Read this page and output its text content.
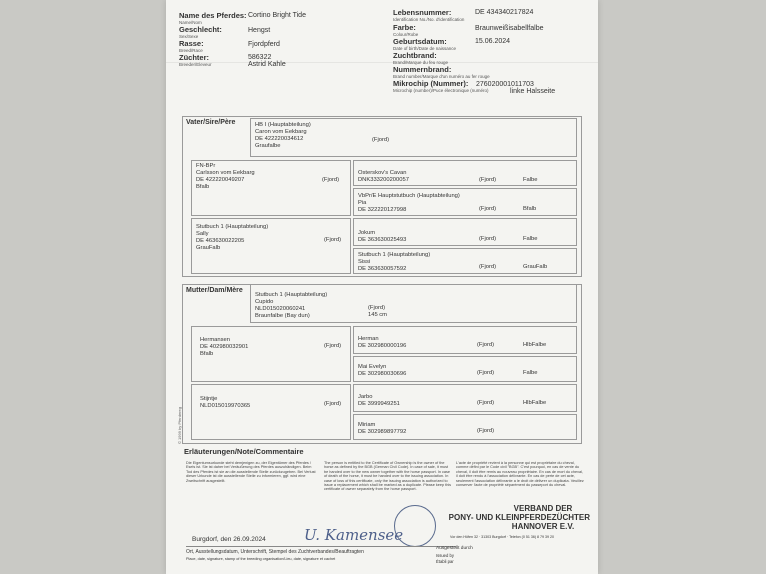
Name des Pferdes:
Name/Nom
Cortino Bright Tide
Geschlecht:
Sex/Sexe
Hengst
Rasse:
Breed/Race
Fjordpferd
Züchter:
Breeder/Eleveur
586322
Astrid Kahle
Lebensnummer:
Identification No./No. d'identification
DE 434340217824
Farbe:
Colour/Robe
Braunweißisabellfalbe
Geburtsdatum:
Date of birth/Date de naissance
15.06.2024
Zuchtbrand:
Brand/Marque du feu rouge
Nummernbrand:
Brand number/Marque d'un numéro au fer rouge
Mikrochip (Nummer):
Microchip (number)/Puce électronique (numéro)
276020001011703
linke Halsseite
Vater/Sire/Père	HB I (Hauptabteilung)
Caron vom Eekbarg
DE 422220034612	(Fjord)
Graufalbe
FN-BPr
Carlsson vom Eekbarg
DE 422220049207	(Fjord)
Bfalb
Osterskov's Cavan
DNK333200200057	(Fjord)	Falbe
VbPr/E Hauptstutbuch (Hauptabteilung)
Pia
DE 322220127998	(Fjord)	Bfalb
Stutbuch 1 (Hauptabteilung)
Sally
DE 463630022205	(Fjord)
GrauFalb
Jokum
DE 363630025493	(Fjord)	Falbe
Stutbuch 1 (Hauptabteilung)
Sissi
DE 363630057592	(Fjord)	GrauFalb
Mutter/Dam/Mère
Stutbuch 1 (Hauptabteilung)
Cupido
NLD015020060241	(Fjord)
Braunfalbe (Bay dun)	145 cm
Hermansen
DE 402980032901	(Fjord)
Bfalb
Herman
DE 302980000196	(Fjord)	HlbFalbe
Mai Evelyn
DE 302980030696	(Fjord)	Falbe
Stijntje
NLD015019970365	(Fjord)
Jarbo
DE 3999949251	(Fjord)	HlbFalbe
Miriam
DE 302989897792	(Fjord)
© 1999 by Pferdereg
Erläuterungen/Note/Commentaire
Die Eigentumsurkunde steht demjenigen zu, der Eigentümer des Pferdes / Esels ist. Sie ist daher bei Veräußerung des Pferdes auszuhändigen. Beim Tod des Pferdes ist sie an die ausstellende Stelle zurückzugeben. Bei Verlust dieser Urkunde ist die ausstellende Stelle zu informieren, ggf. wird eine Zweitschrift ausgestellt.
The person is entitled to the Certificate of Ownership is the owner of the horse as defined by the BGB (German Civil Code). In case of sale, it must be handed over to the new owner together with the horse passport. In case of death of the horse, it must be handed over to the issuing association. In case of loss of this certificate, only the issuing association is authorized to issue a replacement which shall be marked as a duplicate. Please keep this certificate of owner separately from the horse passport.
L'acte de propriété revient à la personne qui est propriétaire du cheval, comme défini par le Code civil "BGB". C'est pourquoi, en cas de vente du cheval, il doit être remis au nouveau propriétaire. En cas de mort du cheval, il doit être rendu à l'association délivrante. En cas de perte de cet acte, seulement l'association délivrante a le droit de délivrer un duplicata. Veuillez conserver l'acte de propriété séparément du passeport du cheval.
Burgdorf, den 26.09.2024	U. Kamensee
Ort, Ausstellungsdatum, Unterschrift, Stempel des Zuchtverbandes/Beauftragten
Place, date, signature, stamp of the breeding organisation/Lieu, date, signature et cachet
Ausgestellt durch
Issued by
Établi par
VERBAND DER
PONY- UND KLEINPFERDEZÜCHTER
HANNOVER E.V.
Vor den Höfen 32 · 31303 Burgdorf · Telefon (0 51 36) 8 79 39 20
